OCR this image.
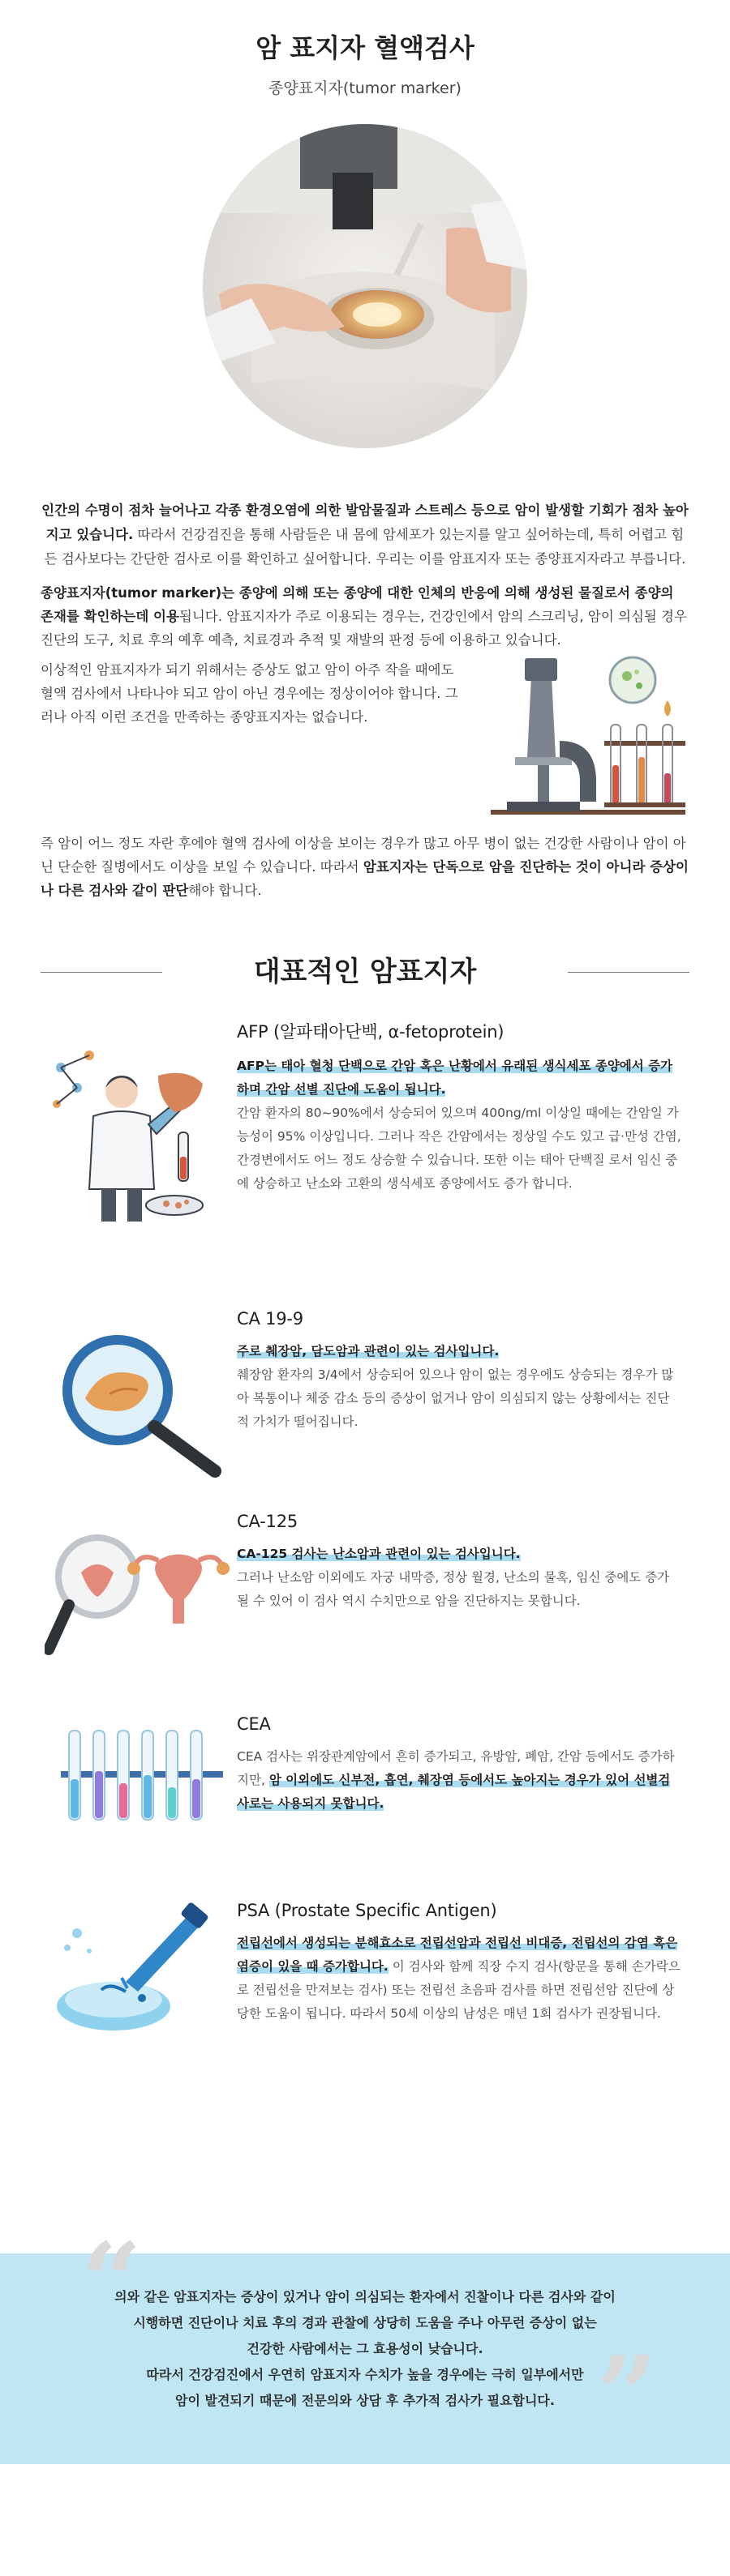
암 표지자 혈액검사
종양표지자(tumor marker)

인간의 수명이 점차 늘어나고 각종 환경오염에 의한 발암물질과 스트레스 등으로 암이 발생할 기회가 점차 높아지고 있습니다. 따라서 건강검진을 통해 사람들은 내 몸에 암세포가 있는지를 알고 싶어하는데, 특히 어렵고 힘든 검사보다는 간단한 검사로 이를 확인하고 싶어합니다. 우리는 이를 암표지자 또는 종양표지자라고 부릅니다.

종양표지자(tumor marker)는 종양에 의해 또는 종양에 대한 인체의 반응에 의해 생성된 물질로서 종양의 존재를 확인하는데 이용됩니다. 암표지자가 주로 이용되는 경우는, 건강인에서 암의 스크리닝, 암이 의심될 경우 진단의 도구, 치료 후의 예후 예측, 치료경과 추적 및 재발의 판정 등에 이용하고 있습니다.
이상적인 암표지자가 되기 위해서는 증상도 없고 암이 아주 작을 때에도 혈액 검사에서 나타나야 되고 암이 아닌 경우에는 정상이어야 합니다. 그러나 아직 이런 조건을 만족하는 종양표지자는 없습니다.
즉 암이 어느 정도 자란 후에야 혈액 검사에 이상을 보이는 경우가 많고 아무 병이 없는 건강한 사람이나 암이 아닌 단순한 질병에서도 이상을 보일 수 있습니다. 따라서 암표지자는 단독으로 암을 진단하는 것이 아니라 증상이나 다른 검사와 같이 판단해야 합니다.
대표적인 암표지자
AFP (알파태아단백, α-fetoprotein)

AFP는 태아 혈청 단백으로 간암 혹은 난황에서 유래된 생식세포 종양에서 증가하며 간암 선별 진단에 도움이 됩니다.
간암 환자의 80~90%에서 상승되어 있으며 400ng/ml 이상일 때에는 간암일 가능성이 95% 이상입니다. 그러나 작은 간암에서는 정상일 수도 있고 급·만성 간염, 간경변에서도 어느 정도 상승할 수 있습니다. 또한 이는 태아 단백질 로서 임신 중에 상승하고 난소와 고환의 생식세포 종양에서도 증가 합니다.

CA 19-9

주로 췌장암, 담도암과 관련이 있는 검사입니다.
췌장암 환자의 3/4에서 상승되어 있으나 암이 없는 경우에도 상승되는 경우가 많아 복통이나 체중 감소 등의 증상이 없거나 암이 의심되지 않는 상황에서는 진단적 가치가 떨어집니다.

CA-125

CA-125 검사는 난소암과 관련이 있는 검사입니다.
그러나 난소암 이외에도 자궁 내막증, 정상 월경, 난소의 물혹, 임신 중에도 증가될 수 있어 이 검사 역시 수치만으로 암을 진단하지는 못합니다.

CEA

CEA 검사는 위장관계암에서 흔히 증가되고, 유방암, 폐암, 간암 등에서도 증가하지만, 암 이외에도 신부전, 흡연, 췌장염 등에서도 높아지는 경우가 있어 선별검사로는 사용되지 못합니다.

PSA (Prostate Specific Antigen)

전립선에서 생성되는 분해효소로 전립선암과 전립선 비대증, 전립선의 감염 혹은 염증이 있을 때 증가합니다. 이 검사와 함께 직장 수지 검사(항문을 통해 손가락으로 전립선을 만져보는 검사) 또는 전립선 초음파 검사를 하면 전립선암 진단에 상당한 도움이 됩니다. 따라서 50세 이상의 남성은 매년 1회 검사가 권장됩니다.

“
”
의와 같은 암표지자는 증상이 있거나 암이 의심되는 환자에서 진찰이나 다른 검사와 같이
시행하면 진단이나 치료 후의 경과 관찰에 상당히 도움을 주나 아무런 증상이 없는
건강한 사람에서는 그 효용성이 낮습니다.
따라서 건강검진에서 우연히 암표지자 수치가 높을 경우에는 극히 일부에서만
암이 발견되기 때문에 전문의와 상담 후 추가적 검사가 필요합니다.
